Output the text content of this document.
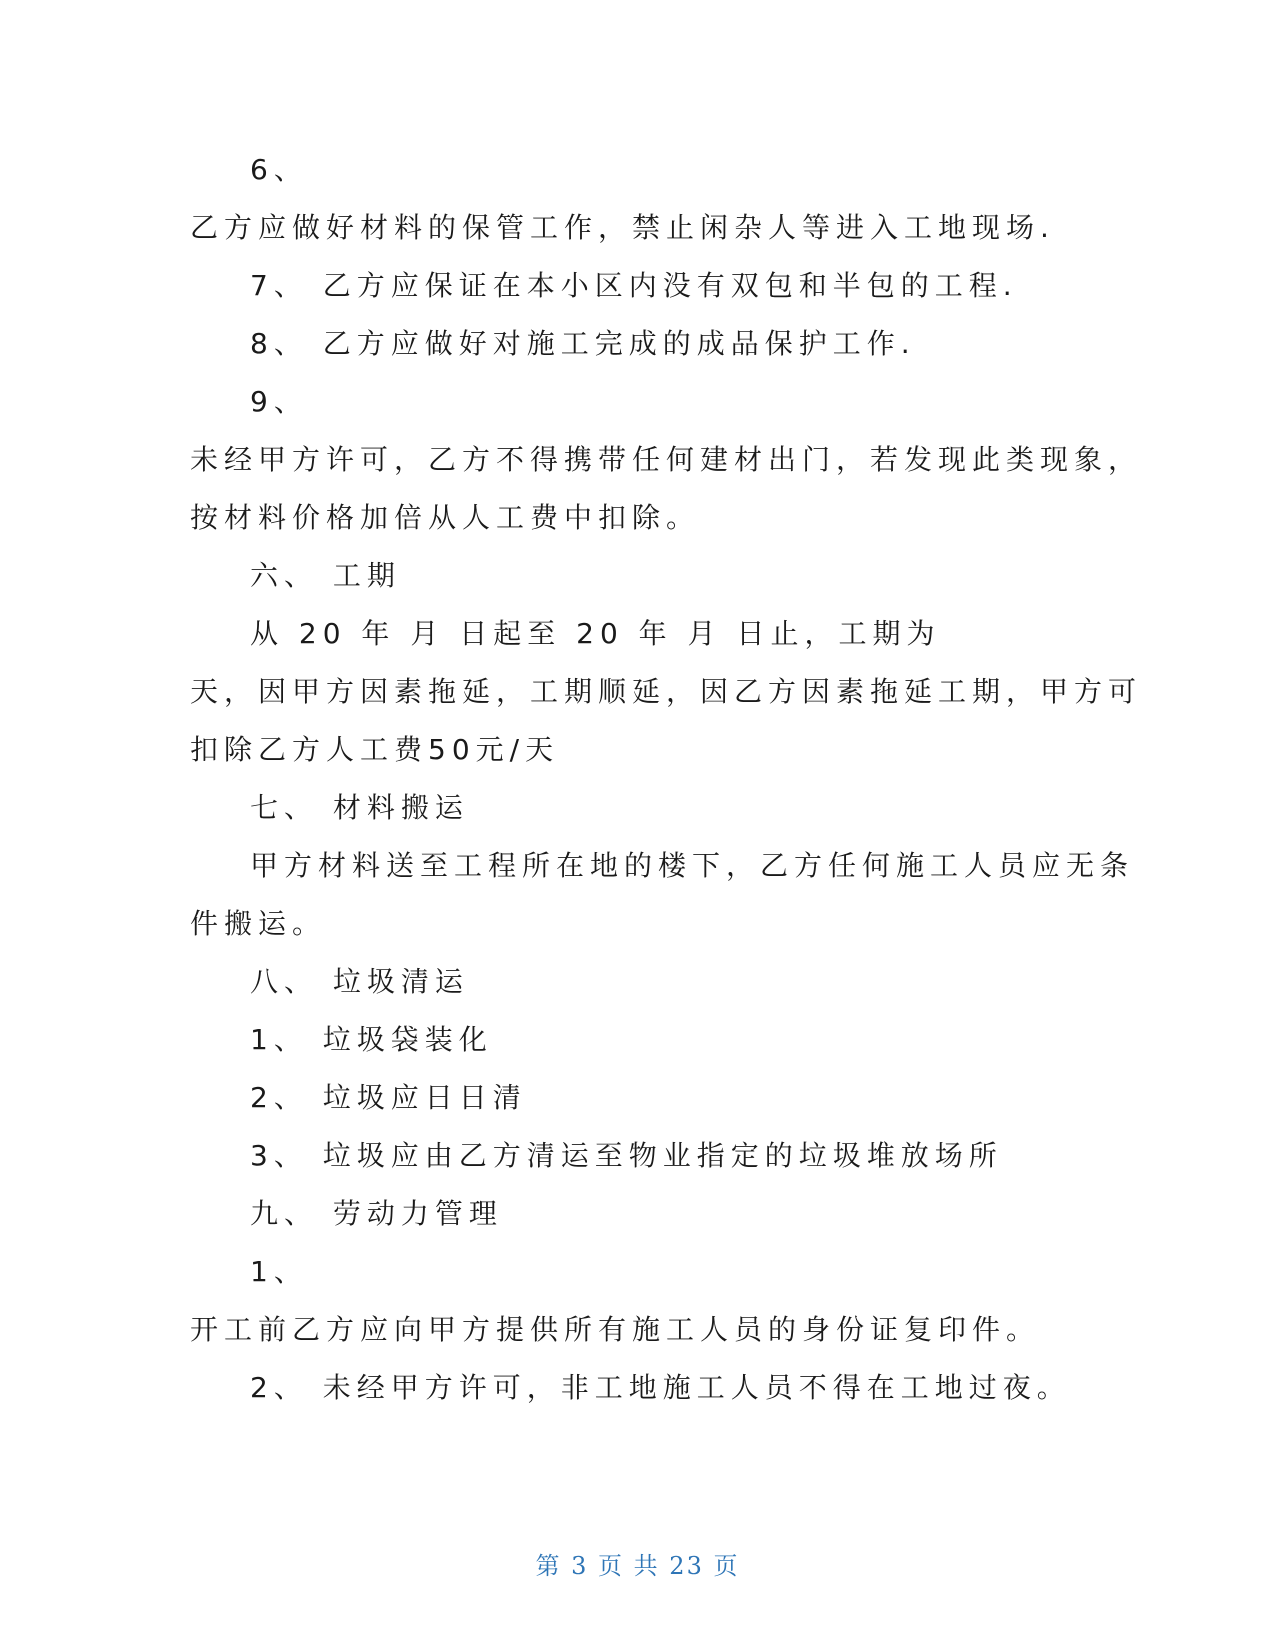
6、
乙方应做好材料的保管工作，禁止闲杂人等进入工地现场.
7、 乙方应保证在本小区内没有双包和半包的工程.
8、 乙方应做好对施工完成的成品保护工作.
9、
未经甲方许可，乙方不得携带任何建材出门，若发现此类现象，
按材料价格加倍从人工费中扣除。
六、 工期
从 20 年 月 日起至 20 年 月 日止，工期为
天，因甲方因素拖延，工期顺延，因乙方因素拖延工期，甲方可
扣除乙方人工费50元/天
七、 材料搬运
甲方材料送至工程所在地的楼下，乙方任何施工人员应无条
件搬运。
八、 垃圾清运
1、 垃圾袋装化
2、 垃圾应日日清
3、 垃圾应由乙方清运至物业指定的垃圾堆放场所
九、 劳动力管理
1、
开工前乙方应向甲方提供所有施工人员的身份证复印件。
2、 未经甲方许可，非工地施工人员不得在工地过夜。
第 3 页 共 23 页
